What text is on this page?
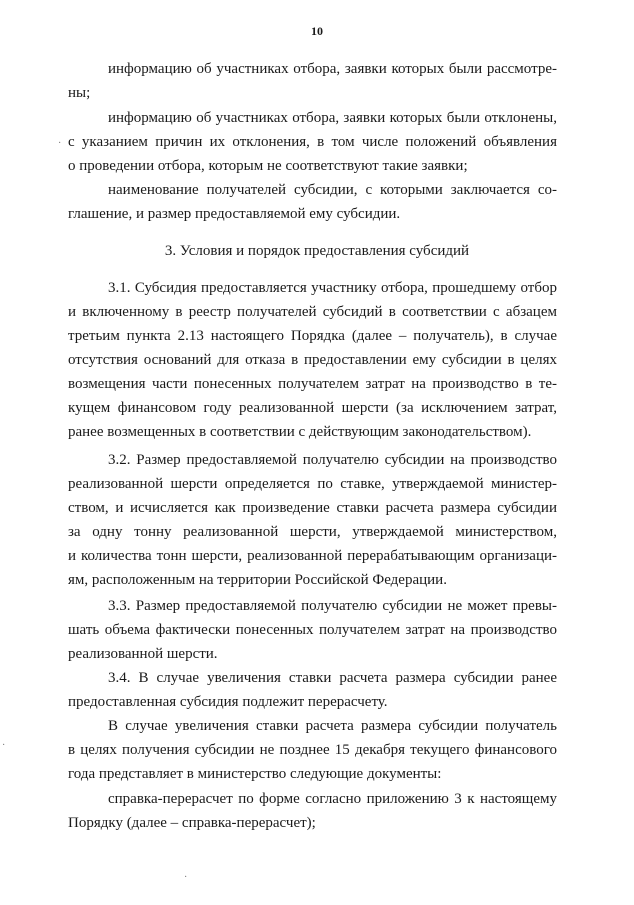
10
информацию об участниках отбора, заявки которых были рассмотре-
ны;
информацию об участниках отбора, заявки которых были отклонены,
с указанием причин их отклонения, в том числе положений объявления
о проведении отбора, которым не соответствуют такие заявки;
наименование получателей субсидии, с которыми заключается со-
глашение, и размер предоставляемой ему субсидии.
3. Условия и порядок предоставления субсидий
3.1. Субсидия предоставляется участнику отбора, прошедшему отбор
и включенному в реестр получателей субсидий в соответствии с абзацем
третьим пункта 2.13 настоящего Порядка (далее – получатель), в случае
отсутствия оснований для отказа в предоставлении ему субсидии в целях
возмещения части понесенных получателем затрат на производство в те-
кущем финансовом году реализованной шерсти (за исключением затрат,
ранее возмещенных в соответствии с действующим законодательством).
3.2. Размер предоставляемой получателю субсидии на производство
реализованной шерсти определяется по ставке, утверждаемой министер-
ством, и исчисляется как произведение ставки расчета размера субсидии
за одну тонну реализованной шерсти, утверждаемой министерством,
и количества тонн шерсти, реализованной перерабатывающим организаци-
ям, расположенным на территории Российской Федерации.
3.3. Размер предоставляемой получателю субсидии не может превы-
шать объема фактически понесенных получателем затрат на производство
реализованной шерсти.
3.4. В случае увеличения ставки расчета размера субсидии ранее
предоставленная субсидия подлежит перерасчету.
В случае увеличения ставки расчета размера субсидии получатель
в целях получения субсидии не позднее 15 декабря текущего финансового
года представляет в министерство следующие документы:
справка-перерасчет по форме согласно приложению 3 к настоящему
Порядку (далее – справка-перерасчет);
·
·
·
